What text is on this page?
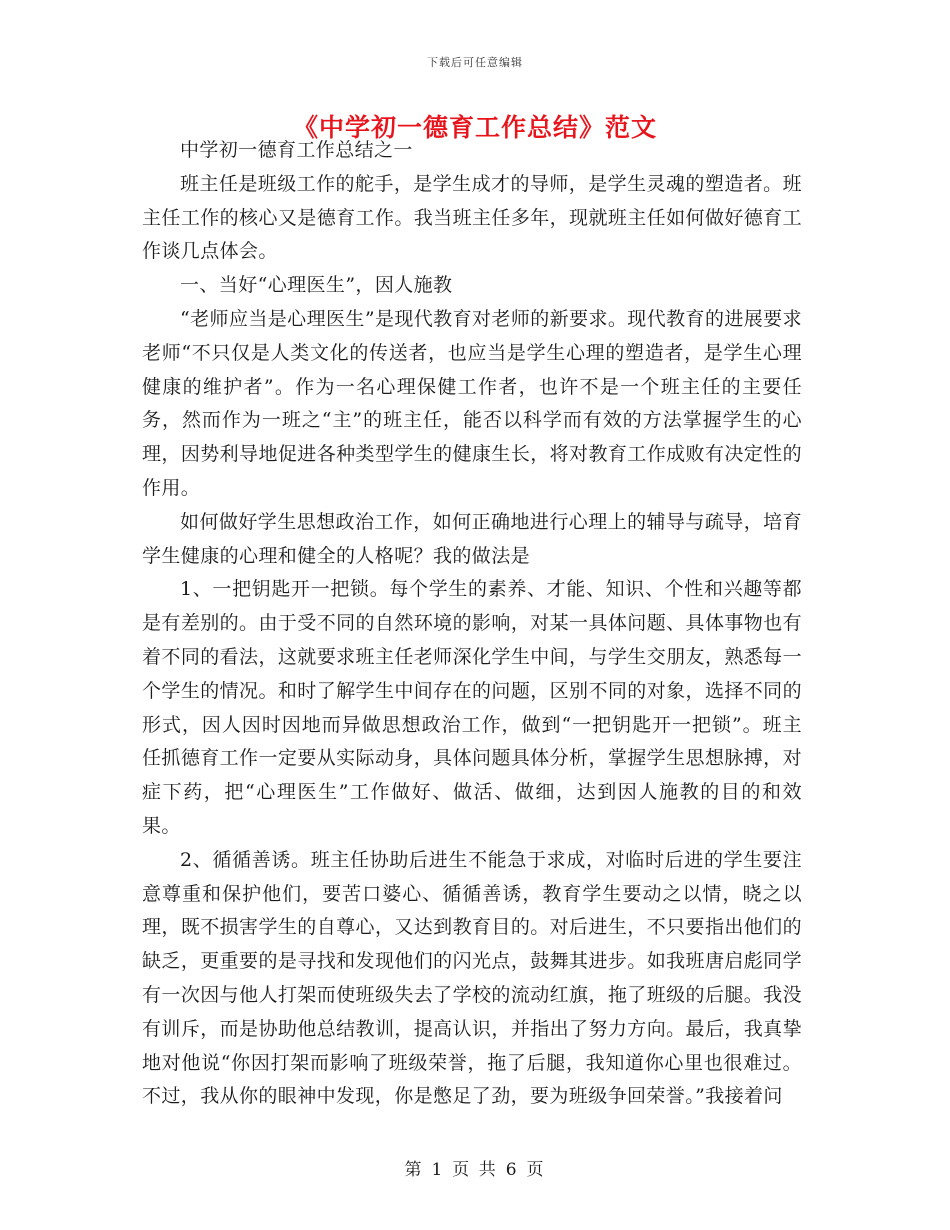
下载后可任意编辑
《中学初一德育工作总结》范文

中学初一德育工作总结之一

班主任是班级工作的舵手，是学生成才的导师，是学生灵魂的塑造者。班主任工作的核心又是德育工作。我当班主任多年，现就班主任如何做好德育工作谈几点体会。

一、当好“心理医生”，因人施教

“老师应当是心理医生”是现代教育对老师的新要求。现代教育的进展要求老师“不只仅是人类文化的传送者，也应当是学生心理的塑造者，是学生心理健康的维护者”。作为一名心理保健工作者，也许不是一个班主任的主要任务，然而作为一班之“主”的班主任，能否以科学而有效的方法掌握学生的心理，因势利导地促进各种类型学生的健康生长，将对教育工作成败有决定性的作用。

如何做好学生思想政治工作，如何正确地进行心理上的辅导与疏导，培育学生健康的心理和健全的人格呢？我的做法是

1、一把钥匙开一把锁。每个学生的素养、才能、知识、个性和兴趣等都是有差别的。由于受不同的自然环境的影响，对某一具体问题、具体事物也有着不同的看法，这就要求班主任老师深化学生中间，与学生交朋友，熟悉每一个学生的情况。和时了解学生中间存在的问题，区别不同的对象，选择不同的形式，因人因时因地而异做思想政治工作，做到“一把钥匙开一把锁”。班主任抓德育工作一定要从实际动身，具体问题具体分析，掌握学生思想脉搏，对症下药，把“心理医生”工作做好、做活、做细，达到因人施教的目的和效果。

2、循循善诱。班主任协助后进生不能急于求成，对临时后进的学生要注意尊重和保护他们，要苦口婆心、循循善诱，教育学生要动之以情，晓之以理，既不损害学生的自尊心，又达到教育目的。对后进生，不只要指出他们的缺乏，更重要的是寻找和发现他们的闪光点，鼓舞其进步。如我班唐启彪同学有一次因与他人打架而使班级失去了学校的流动红旗，拖了班级的后腿。我没有训斥，而是协助他总结教训，提高认识，并指出了努力方向。最后，我真挚地对他说“你因打架而影响了班级荣誉，拖了后腿，我知道你心里也很难过。不过，我从你的眼神中发现，你是憋足了劲，要为班级争回荣誉。”我接着问

第 1 页 共 6 页
